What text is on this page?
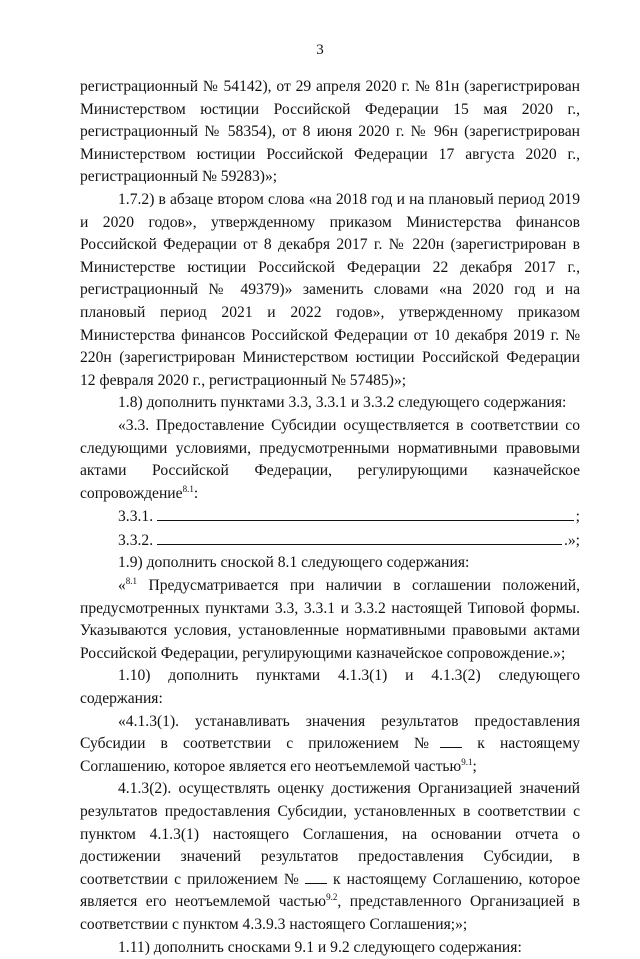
3

регистрационный № 54142), от 29 апреля 2020 г. № 81н (зарегистрирован Министерством юстиции Российской Федерации 15 мая 2020 г., регистрационный № 58354), от 8 июня 2020 г. № 96н (зарегистрирован Министерством юстиции Российской Федерации 17 августа 2020 г., регистрационный № 59283)»;

1.7.2) в абзаце втором слова «на 2018 год и на плановый период 2019 и 2020 годов», утвержденному приказом Министерства финансов Российской Федерации от 8 декабря 2017 г. № 220н (зарегистрирован в Министерстве юстиции Российской Федерации 22 декабря 2017 г., регистрационный № 49379)» заменить словами «на 2020 год и на плановый период 2021 и 2022 годов», утвержденному приказом Министерства финансов Российской Федерации от 10 декабря 2019 г. № 220н (зарегистрирован Министерством юстиции Российской Федерации 12 февраля 2020 г., регистрационный № 57485)»;

1.8) дополнить пунктами 3.3, 3.3.1 и 3.3.2 следующего содержания:

«3.3. Предоставление Субсидии осуществляется в соответствии со следующими условиями, предусмотренными нормативными правовыми актами Российской Федерации, регулирующими казначейское сопровождение$^{8.1}$:

3.3.1.	;
3.3.2.	.»;

1.9) дополнить сноской 8.1 следующего содержания:

«$^{8.1}$ Предусматривается при наличии в соглашении положений, предусмотренных пунктами 3.3, 3.3.1 и 3.3.2 настоящей Типовой формы. Указываются условия, установленные нормативными правовыми актами Российской Федерации, регулирующими казначейское сопровождение.»;

1.10) дополнить пунктами 4.1.3(1) и 4.1.3(2) следующего содержания:

«4.1.3(1). устанавливать значения результатов предоставления Субсидии в соответствии с приложением № к настоящему Соглашению, которое является его неотъемлемой частью$^{9.1}$;

4.1.3(2). осуществлять оценку достижения Организацией значений результатов предоставления Субсидии, установленных в соответствии с пунктом 4.1.3(1) настоящего Соглашения, на основании отчета о достижении значений результатов предоставления Субсидии, в соответствии с приложением № к настоящему Соглашению, которое является его неотъемлемой частью$^{9.2}$, представленного Организацией в соответствии с пунктом 4.3.9.3 настоящего Соглашения;»;

1.11) дополнить сносками 9.1 и 9.2 следующего содержания:
